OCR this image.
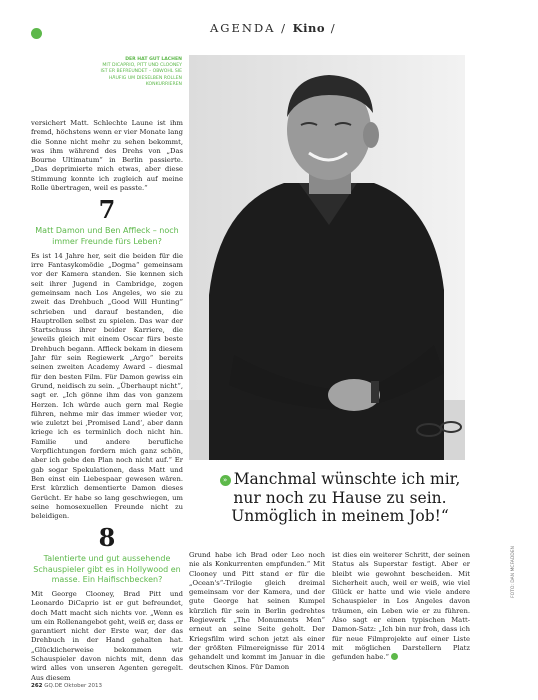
AGENDA / Kino /
DER HAT GUT LACHEN
MIT DICAPRIO, PITT UND CLOONEY IST ER BEFREUNDET – OBWOHL SIE HÄUFIG UM DIESELBEN ROLLEN KONKURRIEREN

versichert Matt. Schlechte Laune ist ihm fremd, höchstens wenn er vier Monate lang die Sonne nicht mehr zu sehen bekommt, was ihm während des Drehs von „Das Bourne Ultimatum“ in Berlin passierte. „Das deprimierte mich etwas, aber diese Stimmung konnte ich zugleich auf meine Rolle übertragen, weil es passte.“

7
Matt Damon und Ben Affleck – noch immer Freunde fürs Leben?

Es ist 14 Jahre her, seit die beiden für die irre Fantasykomödie „Dogma“ gemeinsam vor der Kamera standen. Sie kennen sich seit ihrer Jugend in Cambridge, zogen gemeinsam nach Los Angeles, wo sie zu zweit das Drehbuch „Good Will Hunting“ schrieben und darauf bestanden, die Hauptrollen selbst zu spielen. Das war der Startschuss ihrer beider Karriere, die jeweils gleich mit einem Oscar fürs beste Drehbuch begann. Affleck bekam in diesem Jahr für sein Regiewerk „Argo“ bereits seinen zweiten Academy Award – diesmal für den besten Film. Für Damon gewiss ein Grund, neidisch zu sein. „Überhaupt nicht“, sagt er. „Ich gönne ihm das von ganzem Herzen. Ich würde auch gern mal Regie führen, nehme mir das immer wieder vor, wie zuletzt bei ‚Promised Land‘, aber dann kriege ich es terminlich doch nicht hin. Familie und andere berufliche Verpflichtungen fordern mich ganz schön, aber ich gebe den Plan noch nicht auf.“ Er gab sogar Spekulationen, dass Matt und Ben einst ein Liebespaar gewesen wären. Erst kürzlich dementierte Damon dieses Gerücht. Er habe so lang geschwiegen, um seine homosexuellen Freunde nicht zu beleidigen.

8
Talentierte und gut aussehende Schauspieler gibt es in Hollywood en masse. Ein Haifischbecken?

Mit George Clooney, Brad Pitt und Leonardo DiCaprio ist er gut befreundet, doch Matt macht sich nichts vor. „Wenn es um ein Rollenangebot geht, weiß er, dass er garantiert nicht der Erste war, der das Drehbuch in der Hand gehalten hat. „Glücklicherweise bekommen wir Schauspieler davon nichts mit, denn das wird alles von unseren Agenten geregelt. Aus diesem

» Manchmal wünschte ich mir,
nur noch zu Hause zu sein.
Unmöglich in meinem Job!“

Grund habe ich Brad oder Leo noch nie als Konkurrenten empfunden.“ Mit Clooney und Pitt stand er für die „Ocean's“-Trilogie gleich dreimal gemeinsam vor der Kamera, und der gute George hat seinen Kumpel kürzlich für sein in Berlin gedrehtes Regiewerk „The Monuments Men“ erneut an seine Seite geholt. Der Kriegsfilm wird schon jetzt als einer der größten Filmereignisse für 2014 gehandelt und kommt im Januar in die deutschen Kinos. Für Damon

ist dies ein weiterer Schritt, der seinen Status als Superstar festigt. Aber er bleibt wie gewohnt bescheiden. Mit Sicherheit auch, weil er weiß, wie viel Glück er hatte und wie viele andere Schauspieler in Los Angeles davon träumen, ein Leben wie er zu führen. Also sagt er einen typischen Matt-Damon-Satz: „Ich bin nur froh, dass ich für neue Filmprojekte auf einer Liste mit möglichen Darstellern Platz gefunden habe.“

FOTO: DAN MCFADDEN
262 GQ.DE Oktober 2013
